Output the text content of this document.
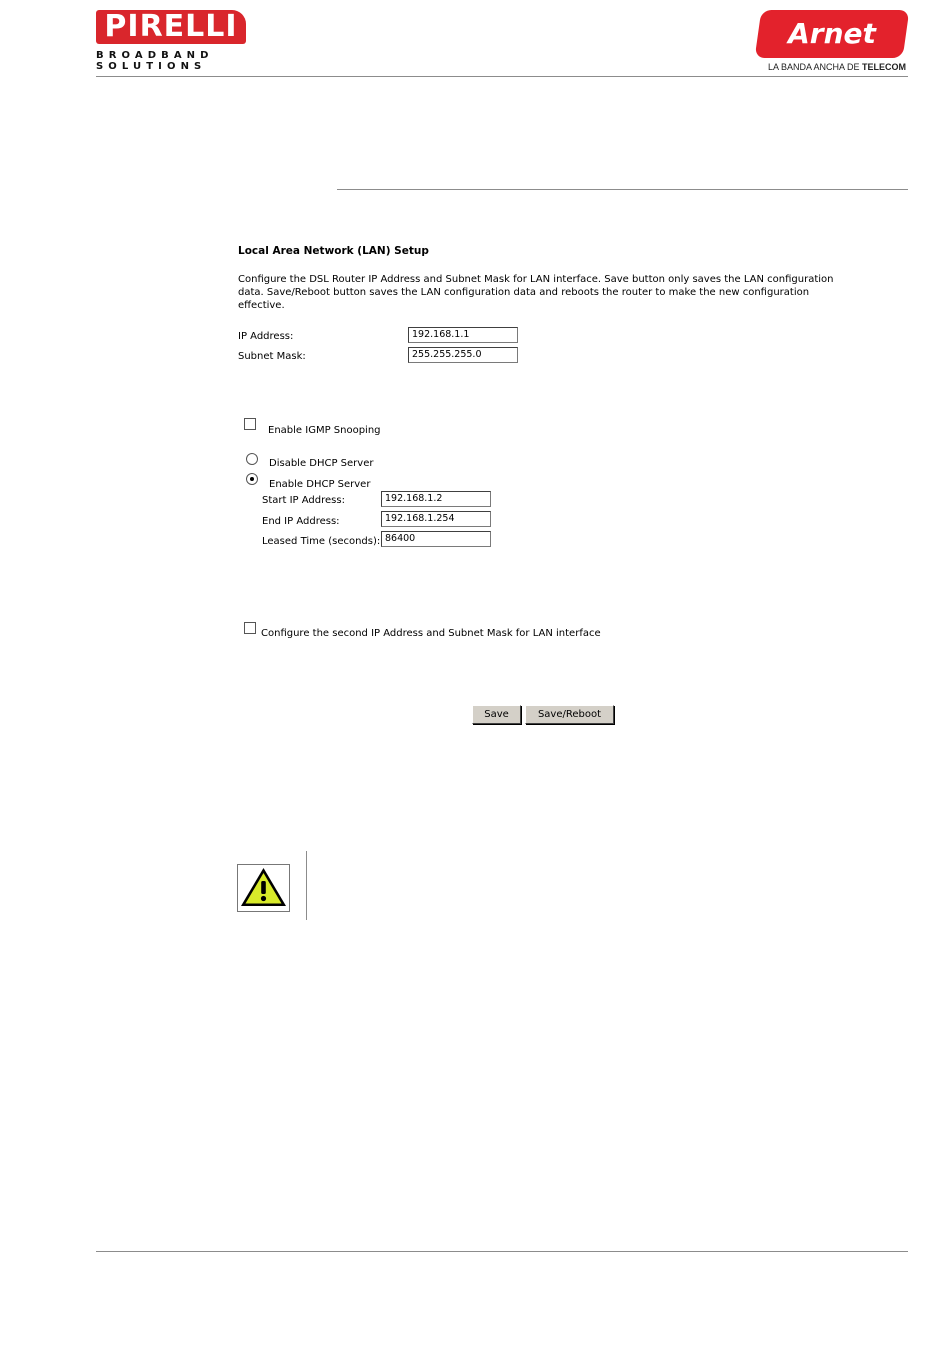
PIRELLI
BROADBAND
SOLUTIONS
Arnet
LA BANDA ANCHA DE TELECOM
Local Area Network (LAN) Setup
Configure the DSL Router IP Address and Subnet Mask for LAN interface. Save button only saves the LAN configuration data. Save/Reboot button saves the LAN configuration data and reboots the router to make the new configuration effective.
IP Address:	192.168.1.1
Subnet Mask:	255.255.255.0
Enable IGMP Snooping
Disable DHCP Server
Enable DHCP Server
Start IP Address:	192.168.1.2
End IP Address:	192.168.1.254
Leased Time (seconds): 86400
Configure the second IP Address and Subnet Mask for LAN interface
Save	Save/Reboot
